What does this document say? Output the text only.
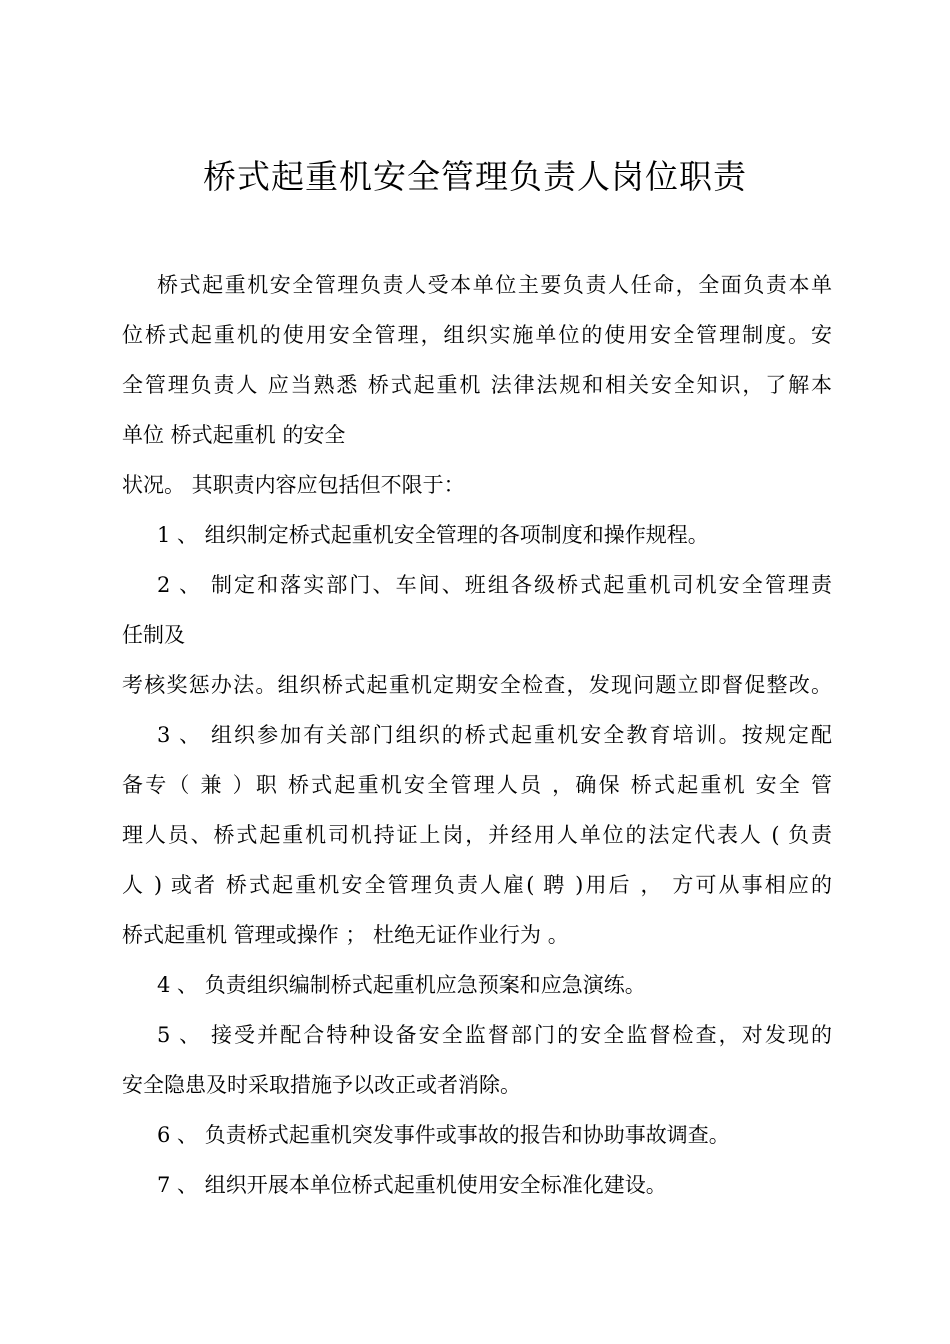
桥式起重机安全管理负责人岗位职责

桥式起重机安全管理负责人受本单位主要负责人任命，全面负责本单

位桥式起重机的使用安全管理，组织实施单位的使用安全管理制度。安

全管理负责人 应当熟悉 桥式起重机 法律法规和相关安全知识，了解本

单位 桥式起重机 的安全

状况。 其职责内容应包括但不限于：

1 、 组织制定桥式起重机安全管理的各项制度和操作规程。

2 、 制定和落实部门、车间、班组各级桥式起重机司机安全管理责

任制及

考核奖惩办法。组织桥式起重机定期安全检查，发现问题立即督促整改。

3 、 组织参加有关部门组织的桥式起重机安全教育培训。按规定配

备专（ 兼 ）职 桥式起重机安全管理人员 ，确保 桥式起重机 安全 管

理人员、桥式起重机司机持证上岗，并经用人单位的法定代表人 ( 负责

人 ) 或者 桥式起重机安全管理负责人雇( 聘 )用后 ， 方可从事相应的

桥式起重机 管理或操作 ； 杜绝无证作业行为 。

4 、 负责组织编制桥式起重机应急预案和应急演练。

5 、 接受并配合特种设备安全监督部门的安全监督检查，对发现的

安全隐患及时采取措施予以改正或者消除。

6 、 负责桥式起重机突发事件或事故的报告和协助事故调查。

7 、 组织开展本单位桥式起重机使用安全标准化建设。
